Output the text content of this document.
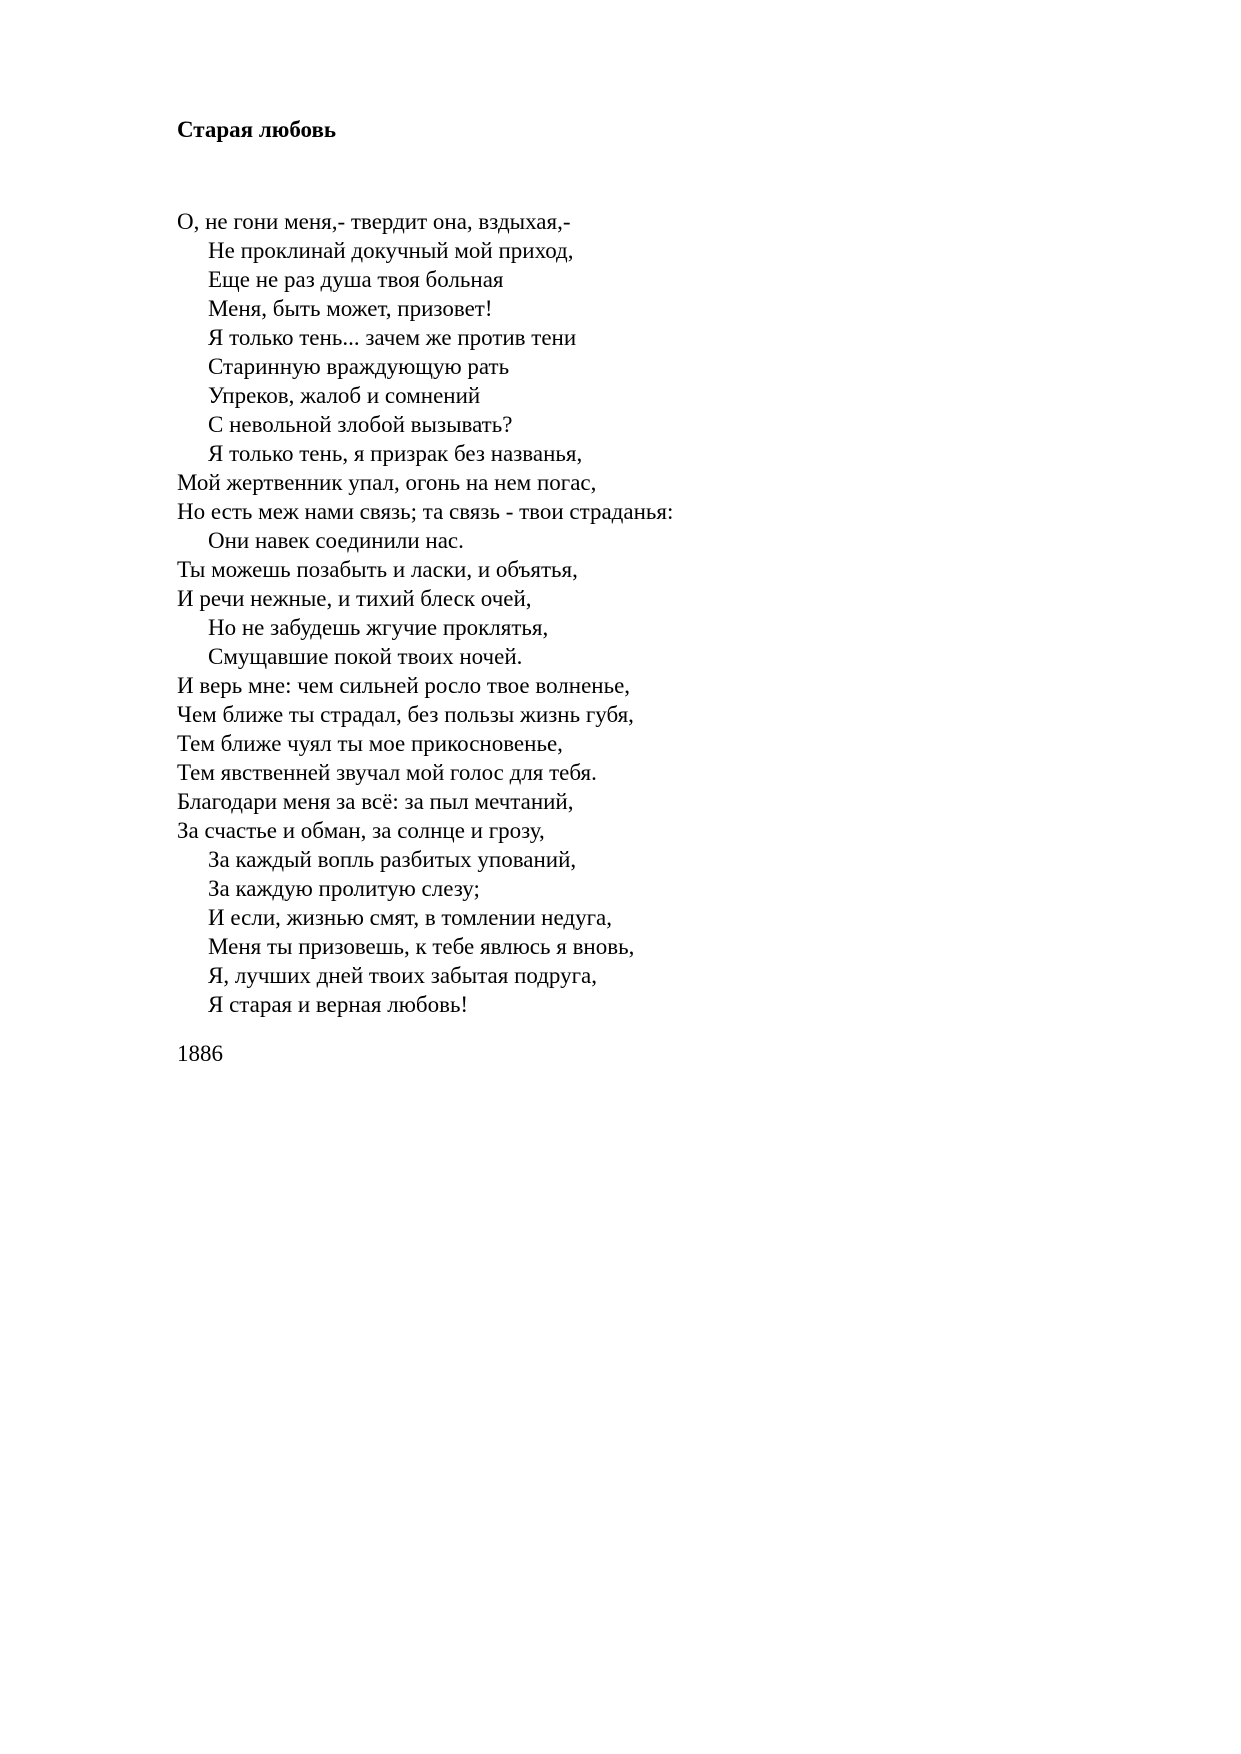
Старая любовь
О, не гони меня,- твердит она, вздыхая,-
Не проклинай докучный мой приход,
Еще не раз душа твоя больная
Меня, быть может, призовет!
Я только тень... зачем же против тени
Старинную враждующую рать
Упреков, жалоб и сомнений
С невольной злобой вызывать?
Я только тень, я призрак без названья,
Мой жертвенник упал, огонь на нем погас,
Но есть меж нами связь; та связь - твои страданья:
Они навек соединили нас.
Ты можешь позабыть и ласки, и объятья,
И речи нежные, и тихий блеск очей,
Но не забудешь жгучие проклятья,
Смущавшие покой твоих ночей.
И верь мне: чем сильней росло твое волненье,
Чем ближе ты страдал, без пользы жизнь губя,
Тем ближе чуял ты мое прикосновенье,
Тем явственней звучал мой голос для тебя.
Благодари меня за всё: за пыл мечтаний,
За счастье и обман, за солнце и грозу,
За каждый вопль разбитых упований,
За каждую пролитую слезу;
И если, жизнью смят, в томлении недуга,
Меня ты призовешь, к тебе явлюсь я вновь,
Я, лучших дней твоих забытая подруга,
Я старая и верная любовь!
1886
